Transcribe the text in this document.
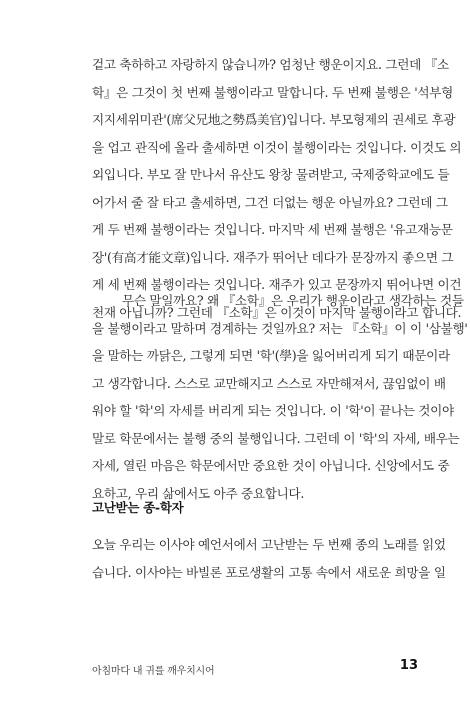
겉고 축하하고 자랑하지 않습니까? 엄청난 행운이지요. 그런데 『소
학』은 그것이 첫 번째 불행이라고 말합니다. 두 번째 불행은 '석부형
지지세위미관'(席父兄地之勢爲美官)입니다. 부모형제의 권세로 후광
을 업고 관직에 올라 출세하면 이것이 불행이라는 것입니다. 이것도 의
외입니다. 부모 잘 만나서 유산도 왕창 물려받고, 국제중학교에도 들
어가서 줄 잘 타고 출세하면, 그건 더없는 행운 아닐까요? 그런데 그
게 두 번째 불행이라는 것입니다. 마지막 세 번째 불행은 '유고재능문
장'(有高才能文章)입니다. 재주가 뛰어난 데다가 문장까지 좋으면 그
게 세 번째 불행이라는 것입니다. 재주가 있고 문장까지 뛰어나면 이건
천재 아닙니까? 그런데 『소학』은 이것이 마지막 불행이라고 합니다.
무슨 말일까요? 왜 『소학』은 우리가 행운이라고 생각하는 것들
을 불행이라고 말하며 경계하는 것일까요? 저는 『소학』이 이 '삼불행'
을 말하는 까닭은, 그렇게 되면 '학'(學)을 잃어버리게 되기 때문이라
고 생각합니다. 스스로 교만해지고 스스로 자만해져서, 끊임없이 배
워야 할 '학'의 자세를 버리게 되는 것입니다. 이 '학'이 끝나는 것이야
말로 학문에서는 불행 중의 불행입니다. 그런데 이 '학'의 자세, 배우는
자세, 열린 마음은 학문에서만 중요한 것이 아닙니다. 신앙에서도 중
요하고, 우리 삶에서도 아주 중요합니다.
고난받는 종-학자
오늘 우리는 이사야 예언서에서 고난받는 두 번째 종의 노래를 읽었
습니다. 이사야는 바빌론 포로생활의 고통 속에서 새로운 희망을 일
아침마다 내 귀를 깨우치시어	13
